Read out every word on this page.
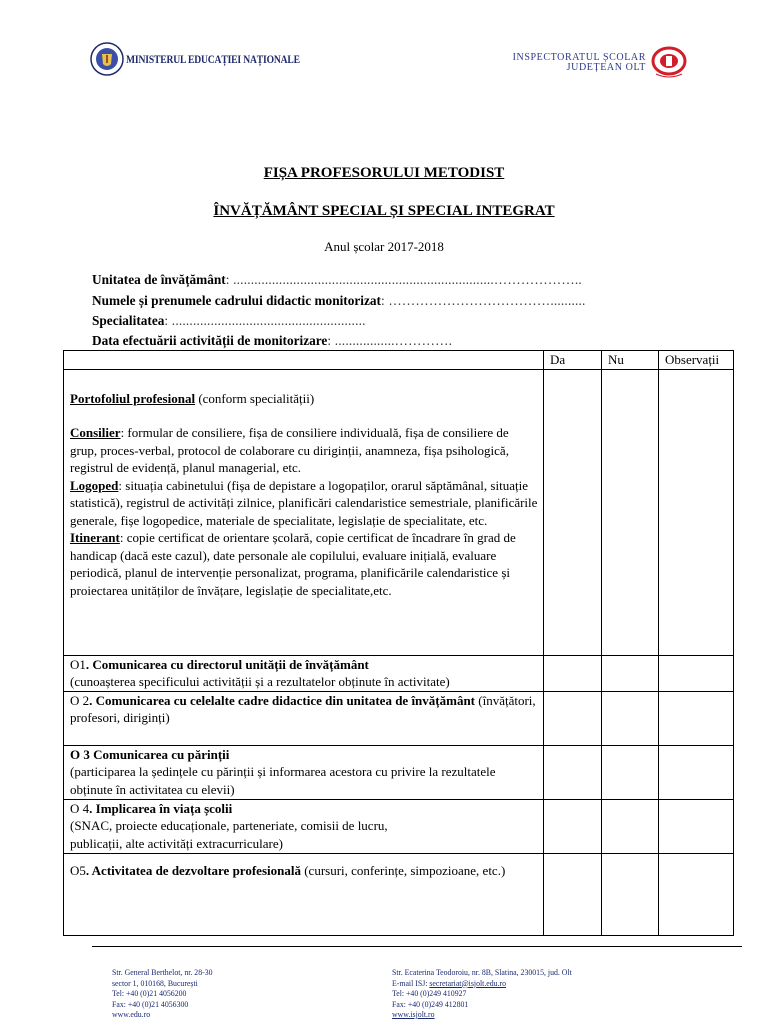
MINISTERUL EDUCAȚIEI NAȚIONALE	INSPECTORATUL ȘCOLAR
JUDEȚEAN OLT
FIȘA PROFESORULUI METODIST
ÎNVĂȚĂMÂNT SPECIAL ȘI SPECIAL INTEGRAT
Anul școlar 2017-2018
Unitatea de învățământ: ..........................................................................………………..
Numele și prenumele cadrului didactic monitorizat: ………………………………..........
Specialitatea: .......................................................
Data efectuării activității de monitorizare: .................………….
	Da	Nu	Observații

Portofoliul profesional (conform specialității)
Consilier: formular de consiliere, fișa de consiliere individuală, fișa de consiliere de grup, proces-verbal, protocol de colaborare cu diriginții, anamneza, fișa psihologică, registrul de evidență, planul managerial, etc.
Logoped: situația cabinetului (fișa de depistare a logopaților, orarul săptămânal, situație statistică), registrul de activități zilnice, planificări calendaristice semestriale, planificările generale, fișe logopedice, materiale de specialitate, legislație de specialitate, etc.
Itinerant: copie certificat de orientare școlară, copie certificat de încadrare în grad de handicap (dacă este cazul), date personale ale copilului, evaluare inițială, evaluare periodică, planul de intervenție personalizat, programa, planificările calendaristice și proiectarea unităților de învățare, legislație de specialitate,etc.			

O1. Comunicarea cu directorul unității de învățământ
(cunoașterea specificului activității și a rezultatelor obținute în activitate)			

O 2. Comunicarea cu celelalte cadre didactice din unitatea de învățământ (învățători, profesori, diriginți)			

O 3 Comunicarea cu părinții
(participarea la ședințele cu părinții și informarea acestora cu privire la rezultatele obținute în activitatea cu elevii)			

O 4. Implicarea în viața școlii
(SNAC, proiecte educaționale, parteneriate, comisii de lucru, publicații, alte activități extracurriculare)			

O5. Activitatea de dezvoltare profesională (cursuri, conferințe, simpozioane, etc.)			

Str. General Berthelot, nr. 28-30
sector 1, 010168, București
Tel: +40 (0)21 4056200
Fax: +40 (0)21 4056300
www.edu.ro
Str. Ecaterina Teodoroiu, nr. 8B, Slatina, 230015, jud. Olt
E-mail ISJ: secretariat@isjolt.edu.ro
Tel: +40 (0)249 410927
Fax: +40 (0)249 412801
www.isjolt.ro
